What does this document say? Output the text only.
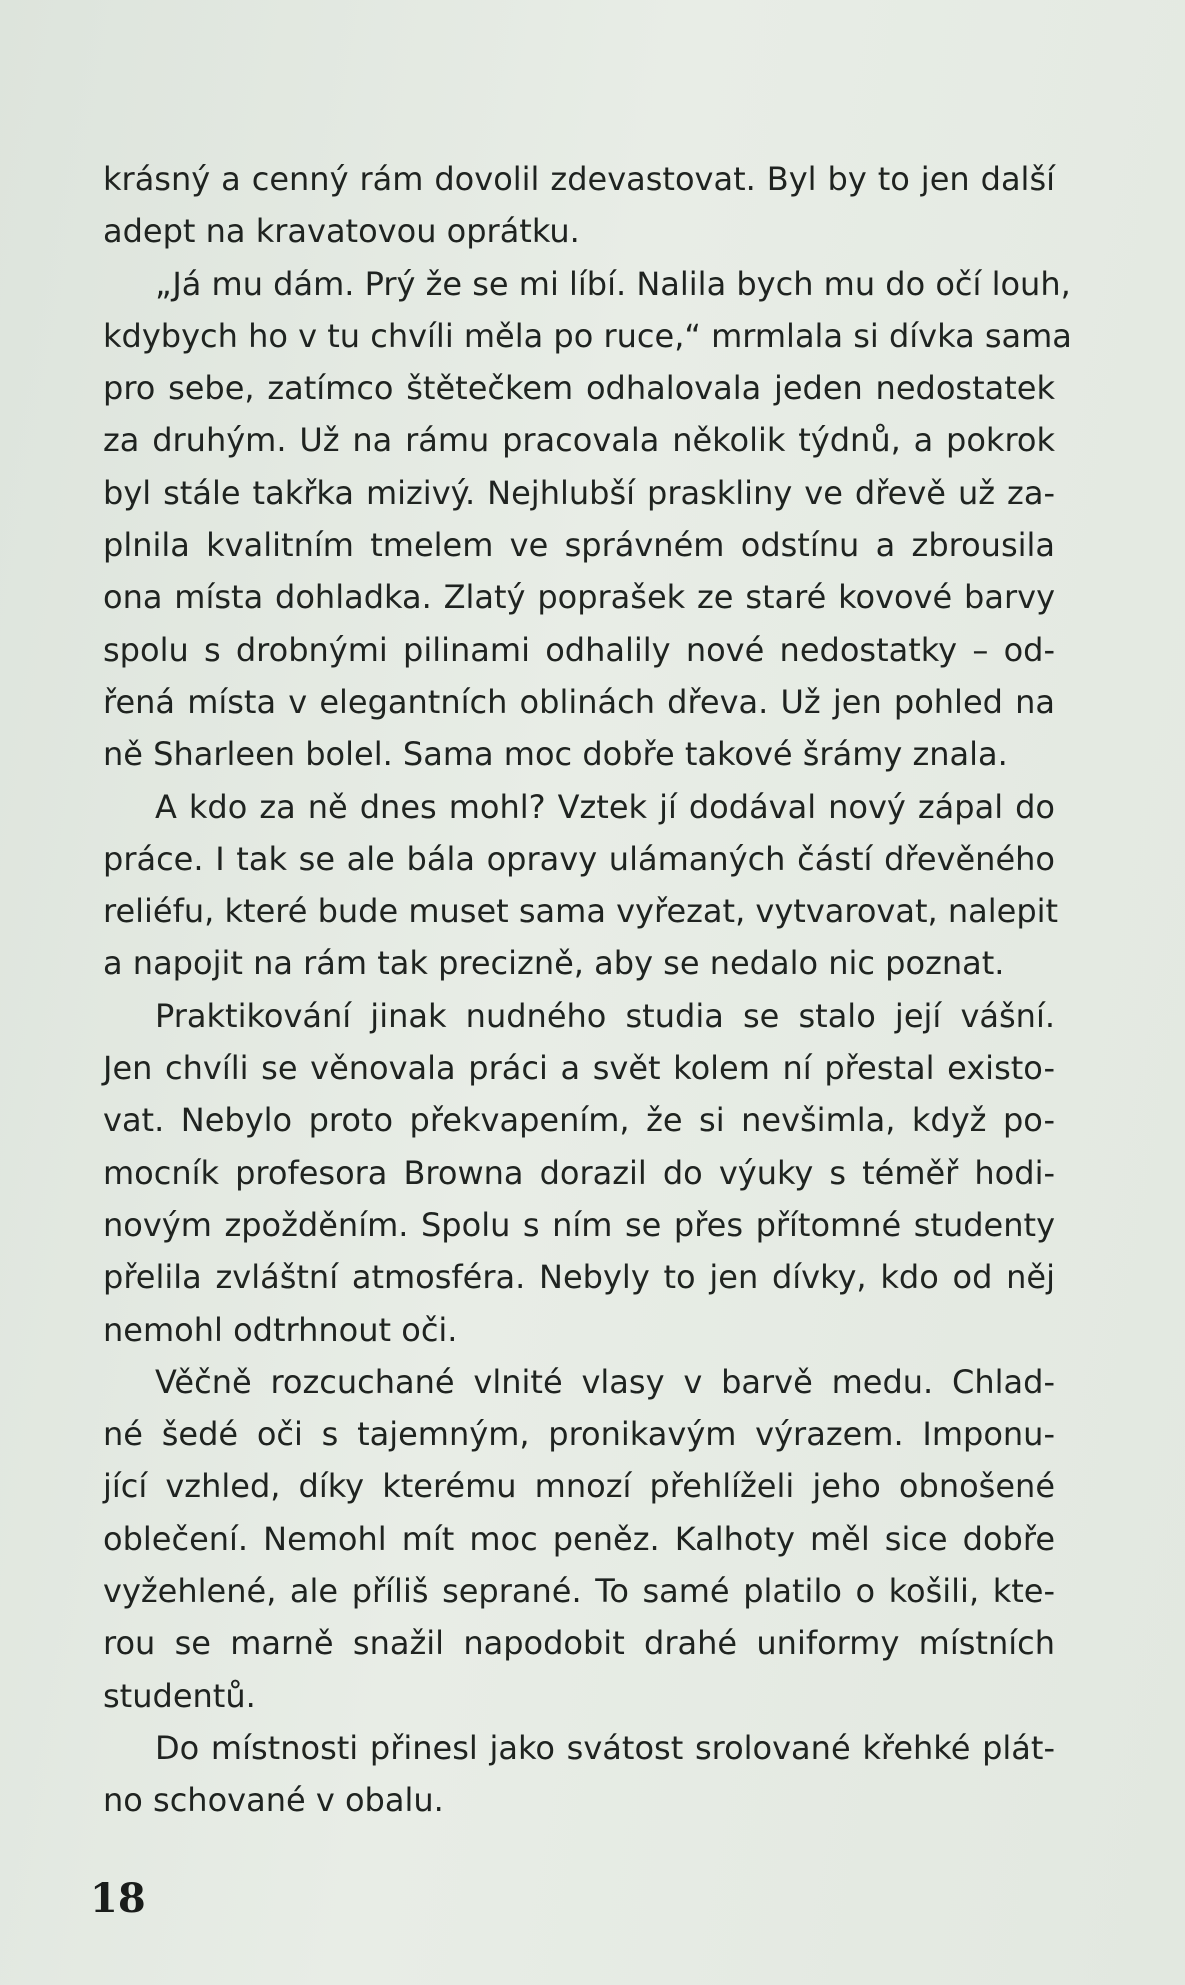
krásný a cenný rám dovolil zdevastovat. Byl by to jen další
adept na kravatovou oprátku.
„Já mu dám. Prý že se mi líbí. Nalila bych mu do očí louh,
kdybych ho v tu chvíli měla po ruce,“ mrmlala si dívka sama
pro sebe, zatímco štětečkem odhalovala jeden nedostatek
za druhým. Už na rámu pracovala několik týdnů, a pokrok
byl stále takřka mizivý. Nejhlubší praskliny ve dřevě už za-
plnila kvalitním tmelem ve správném odstínu a zbrousila
ona místa dohladka. Zlatý poprašek ze staré kovové barvy
spolu s drobnými pilinami odhalily nové nedostatky – od-
řená místa v elegantních oblinách dřeva. Už jen pohled na
ně Sharleen bolel. Sama moc dobře takové šrámy znala.
A kdo za ně dnes mohl? Vztek jí dodával nový zápal do
práce. I tak se ale bála opravy ulámaných částí dřevěného
reliéfu, které bude muset sama vyřezat, vytvarovat, nalepit
a napojit na rám tak precizně, aby se nedalo nic poznat.
Praktikování jinak nudného studia se stalo její vášní.
Jen chvíli se věnovala práci a svět kolem ní přestal existo-
vat. Nebylo proto překvapením, že si nevšimla, když po-
mocník profesora Browna dorazil do výuky s téměř hodi-
novým zpožděním. Spolu s ním se přes přítomné studenty
přelila zvláštní atmosféra. Nebyly to jen dívky, kdo od něj
nemohl odtrhnout oči.
Věčně rozcuchané vlnité vlasy v barvě medu. Chlad-
né šedé oči s tajemným, pronikavým výrazem. Imponu-
jící vzhled, díky kterému mnozí přehlíželi jeho obnošené
oblečení. Nemohl mít moc peněz. Kalhoty měl sice dobře
vyžehlené, ale příliš seprané. To samé platilo o košili, kte-
rou se marně snažil napodobit drahé uniformy místních
studentů.
Do místnosti přinesl jako svátost srolované křehké plát-
no schované v obalu.
18
